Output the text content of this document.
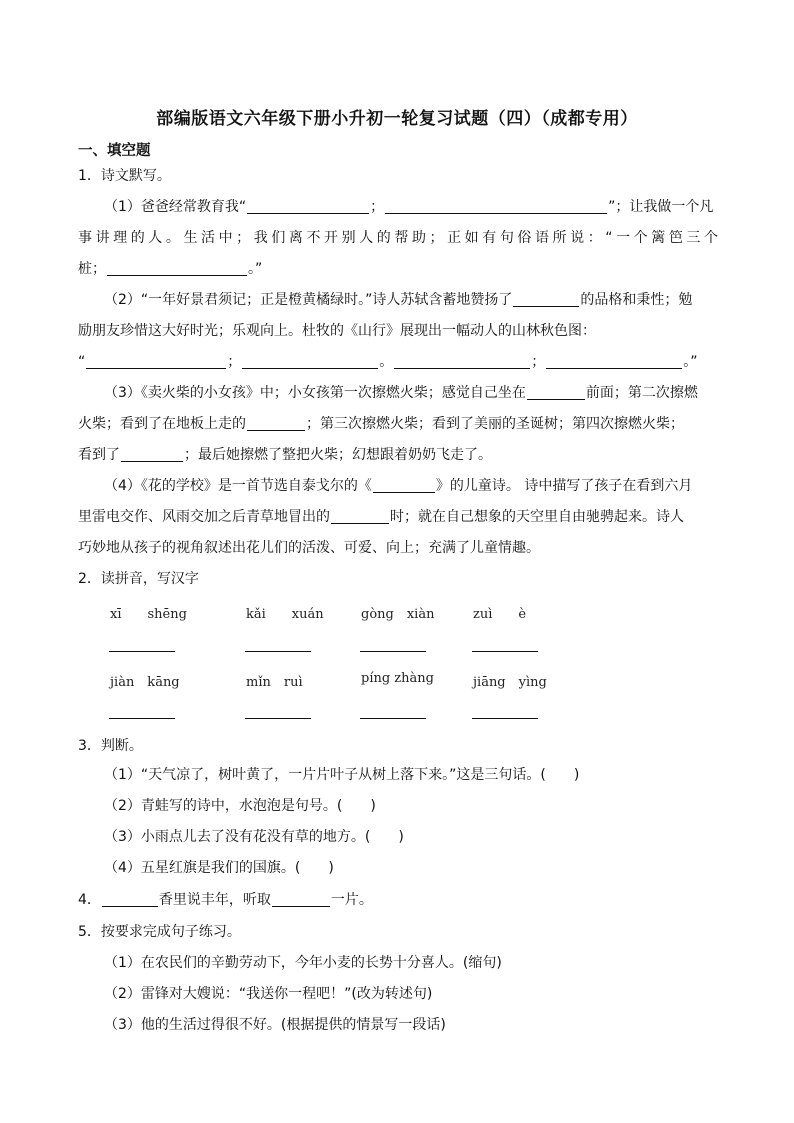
部编版语文六年级下册小升初一轮复习试题（四）（成都专用）
一、填空题
1．诗文默写。
（1）爸爸经常教育我“	；	”；让我做一个凡
事讲理的人。生活中；我们离不开别人的帮助；正如有句俗语所说：“一个篱笆三个
桩；	。”
（2）“一年好景君须记；正是橙黄橘绿时。”诗人苏轼含蓄地赞扬了	的品格和秉性；勉
励朋友珍惜这大好时光；乐观向上。杜牧的《山行》展现出一幅动人的山林秋色图：
“	；	。	；	。”
（3）《卖火柴的小女孩》中；小女孩第一次擦燃火柴；感觉自己坐在	前面；第二次擦燃
火柴；看到了在地板上走的	；第三次擦燃火柴；看到了美丽的圣诞树；第四次擦燃火柴；
看到了	；最后她擦燃了整把火柴；幻想跟着奶奶飞走了。
（4）《花的学校》是一首节选自泰戈尔的《	》的儿童诗。 诗中描写了孩子在看到六月
里雷电交作、风雨交加之后青草地冒出的	时；就在自己想象的天空里自由驰骋起来。诗人
巧妙地从孩子的视角叙述出花儿们的活泼、可爱、向上；充满了儿童情趣。
2．读拼音，写汉字
xī　　shēng	kǎi　　xuán	gòng　xiàn	zuì　　è
jiàn　kāng	mǐn　ruì	píng zhàng	jiāng　yìng
3．判断。
（1）“天气凉了，树叶黄了，一片片叶子从树上落下来。”这是三句话。(　　)
（2）青蛙写的诗中，水泡泡是句号。(　　)
（3）小雨点儿去了没有花没有草的地方。(　　)
（4）五星红旗是我们的国旗。(　　)
4．	香里说丰年，听取	一片。
5．按要求完成句子练习。
（1）在农民们的辛勤劳动下，今年小麦的长势十分喜人。(缩句)
（2）雷锋对大嫂说：“我送你一程吧！”(改为转述句)
（3）他的生活过得很不好。(根据提供的情景写一段话)
